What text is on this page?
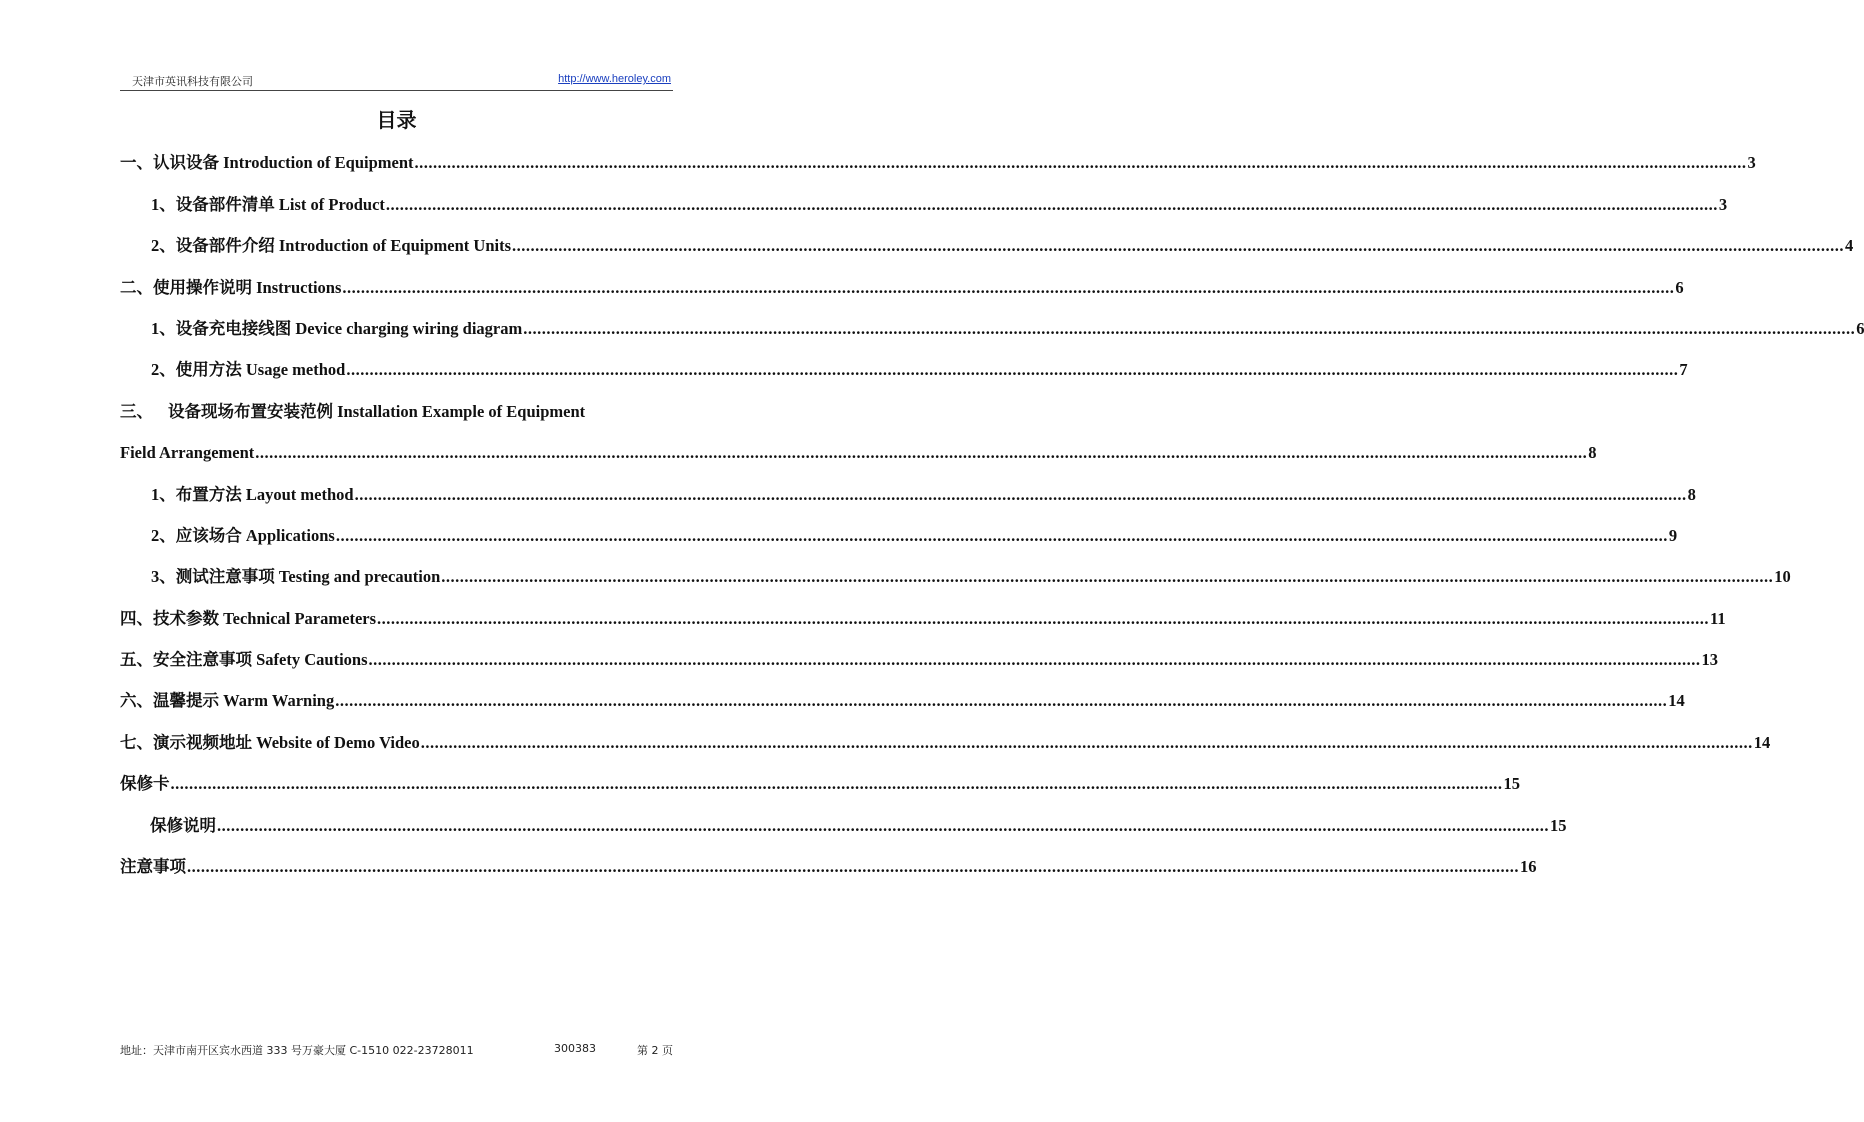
天津市英讯科技有限公司	http://www.heroley.com
目录
一、 认识设备 Introduction of Equipment .....	3
1、 设备部件清单 List of Product .....	3
2、 设备部件介绍 Introduction of Equipment Units .....	4
二、 使用操作说明 Instructions .....	6
1、 设备充电接线图 Device charging wiring diagram .....	6
2、 使用方法 Usage method .....	7
三、 设备现场布置安装范例 Installation Example of Equipment
Field Arrangement .....	8
1、 布置方法 Layout method .....	8
2、 应该场合 Applications .....	9
3、 测试注意事项 Testing and precaution .....	10
四、 技术参数 Technical Parameters .....	11
五、 安全注意事项 Safety Cautions .....	13
六、 温馨提示 Warm Warning .....	14
七、 演示视频地址 Website of Demo Video .....	14
保修卡 .....	15
保修说明 .....	15
注意事项 .....	16
地址：天津市南开区宾水西道 333 号万豪大厦 C-1510 022-23728011	300383	第 2 页
